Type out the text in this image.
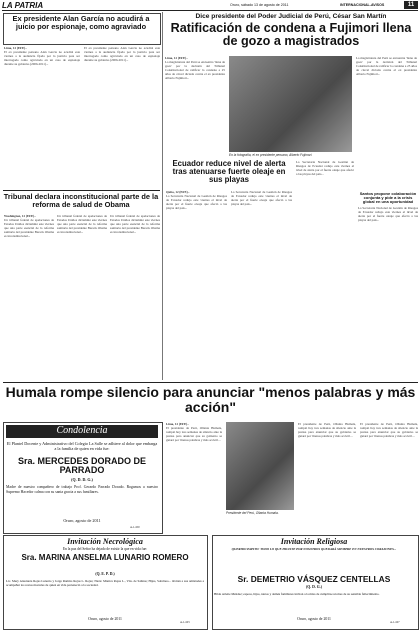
LA PATRIA	Oruro, sábado 13 de agosto de 2011	INTERNACIONAL-AVISOS	11
Ex presidente Alan García no acudirá a juicio por espionaje, como agraviado
Lima, 12 (EFE).-
El ex presidente peruano Alan García no acudirá este viernes a la audiencia fijada por la justicia para ser interrogado como agraviado en un caso de espionaje durante su gobierno (2006-2011)...
El ex presidente peruano Alan García no acudirá este viernes a la audiencia fijada por la justicia para ser interrogado como agraviado en un caso de espionaje durante su gobierno (2006-2011)...
Tribunal declara inconstitucional parte de la reforma de salud de Obama
Washington, 12 (EFE).-
Un tribunal federal de apelaciones de Estados Unidos dictaminó este viernes que una parte esencial de la reforma sanitaria del presidente Barack Obama es inconstitucional...
Un tribunal federal de apelaciones de Estados Unidos dictaminó este viernes que una parte esencial de la reforma sanitaria del presidente Barack Obama es inconstitucional...
Un tribunal federal de apelaciones de Estados Unidos dictaminó este viernes que una parte esencial de la reforma sanitaria del presidente Barack Obama es inconstitucional...
Dice presidente del Poder Judicial de Perú, César San Martín
Ratificación de condena a Fujimori llena de gozo a magistrados
Lima, 12 (EFE).-
La magistratura del Perú se encuentra 'llena de gozo' por la decisión del Tribunal Constitucional de ratificar la condena a 25 años de cárcel dictada contra el ex presidente Alberto Fujimori...
En la fotografía, el ex presidente peruano, Alberto Fujimori.
La magistratura del Perú se encuentra 'llena de gozo' por la decisión del Tribunal Constitucional de ratificar la condena a 25 años de cárcel dictada contra el ex presidente Alberto Fujimori...
Ecuador reduce nivel de alerta tras atenuarse fuerte oleaje en sus playas
Quito, 12 (EFE).-
La Secretaría Nacional de Gestión de Riesgos de Ecuador redujo este viernes el nivel de alerta por el fuerte oleaje que afectó a las playas del país...
La Secretaría Nacional de Gestión de Riesgos de Ecuador redujo este viernes el nivel de alerta por el fuerte oleaje que afectó a las playas del país...
La Secretaría Nacional de Gestión de Riesgos de Ecuador redujo este viernes el nivel de alerta por el fuerte oleaje que afectó a las playas del país...
Santos propone colaboración conjunta y pide a la crisis global en una oportunidad
La Secretaría Nacional de Gestión de Riesgos de Ecuador redujo este viernes el nivel de alerta por el fuerte oleaje que afectó a las playas del país...
Humala rompe silencio para anunciar "menos palabras y más acción"
Lima, 12 (EFE).-
El presidente de Perú, Ollanta Humala, rompió hoy tres semanas de silencio ante la prensa para anunciar que su gobierno se guiará por 'menos palabras y más acción'...
Presidente del Perú, Ollanta Humala.
El presidente de Perú, Ollanta Humala, rompió hoy tres semanas de silencio ante la prensa para anunciar que su gobierno se guiará por 'menos palabras y más acción'...
El presidente de Perú, Ollanta Humala, rompió hoy tres semanas de silencio ante la prensa para anunciar que su gobierno se guiará por 'menos palabras y más acción'...
Condolencia
El Plantel Docente y Administrativo del Colegio La Salle se adhiere al dolor que embarga a la familia de quien en vida fue:
Sra. MERCEDES DORADO DE PARRADO
(Q. D. D. G.)
Madre de nuestro compañero de trabajo Prof. Gerardo Parrado Dorado. Rogamos a nuestro Supremo Hacedor calma con su santa gracia a sus familiares.
Oruro, agosto de 2011
A-1-100
Invitación Necrológica
En la paz del Señor ha dejado de existir la que en vida fue:
Sra. MARINA ANSELMA LUNARIO ROMERO
(Q. E. P. D.)
Lic. Mery Antonieta Rojas Lunario y Jorge Ramiro Rojas L. Rojas; Nieta: Mónica Rojas L., Vda. de Salinas; Hijos, Sobrinos... invitan a sus amistades a acompañar los restos mortales de quien en vida perteneció a la sociedad.
Oruro, agosto de 2011
A-1-163
Invitación Religiosa
QUERIDO PAPITO: TODO LO QUE HICISTE POR NOSOTROS QUEDARÁ SIEMPRE EN NUESTROS CORAZONES...
Sr. DEMETRIO VÁSQUEZ CENTELLAS
(Q. D. G.)
Hilda Arlette Méndez; esposa, hijos, nietos y demás familiares invitan a la misa de cumplirse un mes de su sensible fallecimiento.
Oruro, agosto de 2011
A-1-167
